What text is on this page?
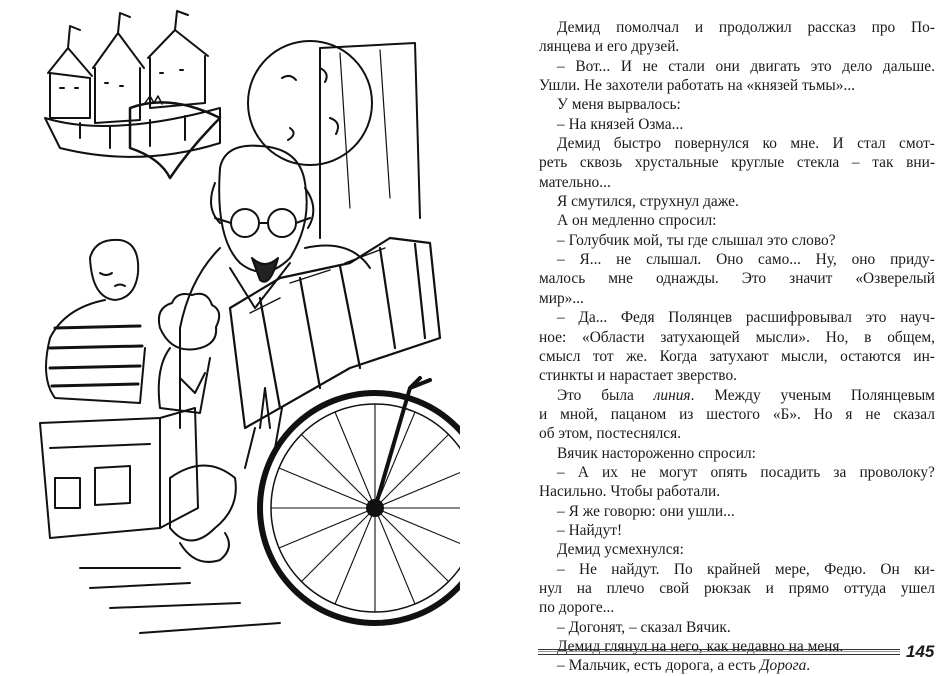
Демид помолчал и продолжил рассказ про По-
лянцева и его друзей.
– Вот... И не стали они двигать это дело дальше.
Ушли. Не захотели работать на «князей тьмы»...
У меня вырвалось:
– На князей Озма...
Демид быстро повернулся ко мне. И стал смот-
реть сквозь хрустальные круглые стекла – так вни-
мательно...
Я смутился, струхнул даже.
А он медленно спросил:
– Голубчик мой, ты где слышал это слово?
– Я... не слышал. Оно само... Ну, оно приду-
малось мне однажды. Это значит «Озверелый
мир»...
– Да... Федя Полянцев расшифровывал это науч-
ное: «Области затухающей мысли». Но, в общем,
смысл тот же. Когда затухают мысли, остаются ин-
стинкты и нарастает зверство.
Это была линия. Между ученым Полянцевым
и мной, пацаном из шестого «Б». Но я не сказал
об этом, постеснялся.
Вячик настороженно спросил:
– А их не могут опять посадить за проволоку?
Насильно. Чтобы работали.
– Я же говорю: они ушли...
– Найдут!
Демид усмехнулся:
– Не найдут. По крайней мере, Федю. Он ки-
нул на плечо свой рюкзак и прямо оттуда ушел
по дороге...
– Догонят, – сказал Вячик.
Демид глянул на него, как недавно на меня.
– Мальчик, есть дорога, а есть Дорога.
145
